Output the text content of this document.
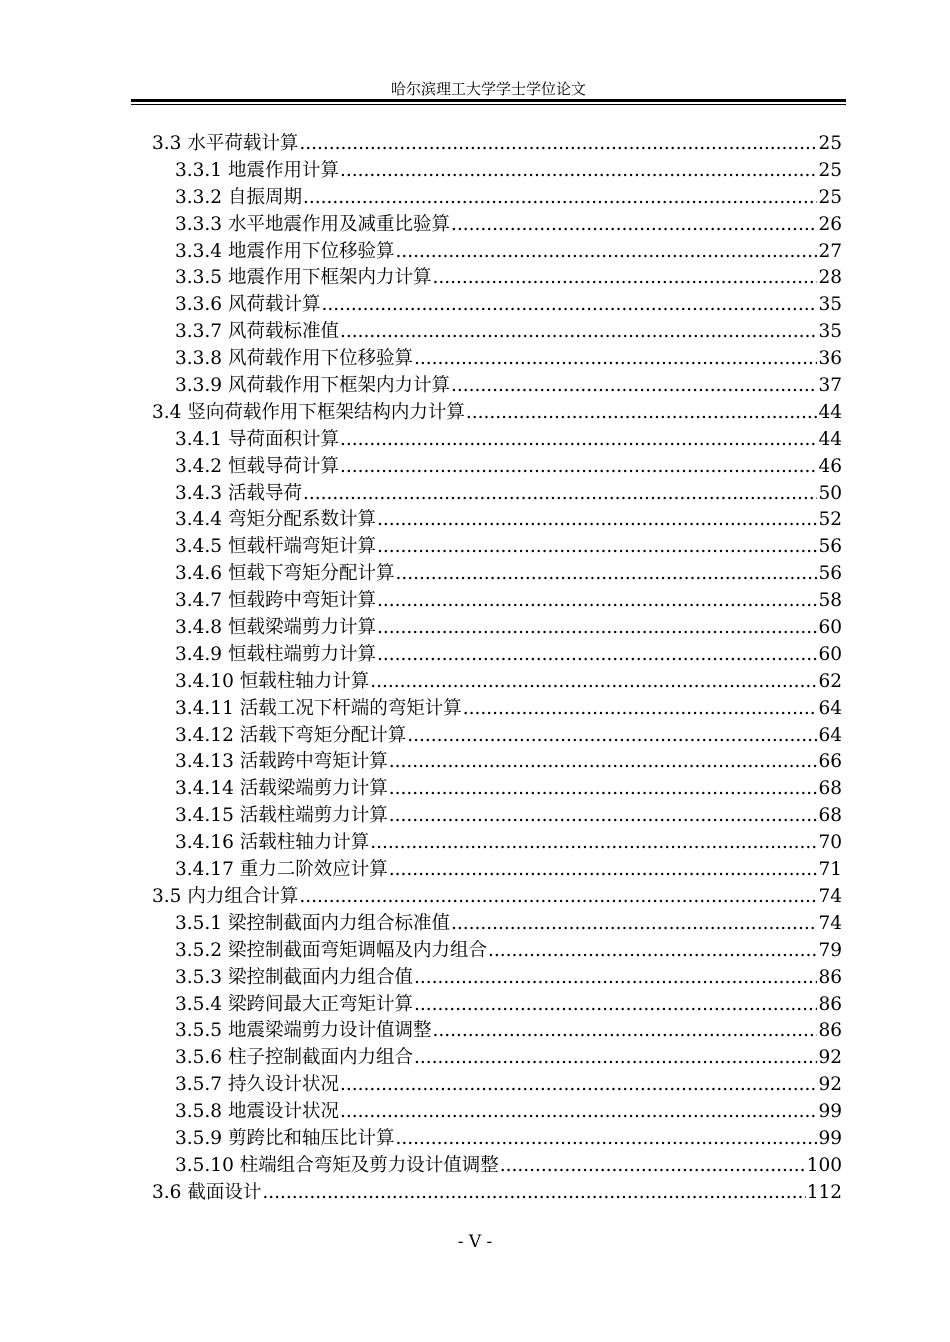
哈尔滨理工大学学士学位论文
3.3 水平荷载计算 .....	25
3.3.1 地震作用计算 .....	25
3.3.2 自振周期 .....	25
3.3.3 水平地震作用及减重比验算 .....	26
3.3.4 地震作用下位移验算 .....	27
3.3.5 地震作用下框架内力计算 .....	28
3.3.6 风荷载计算 .....	35
3.3.7 风荷载标准值 .....	35
3.3.8 风荷载作用下位移验算 .....	36
3.3.9 风荷载作用下框架内力计算 .....	37
3.4 竖向荷载作用下框架结构内力计算 .....	44
3.4.1 导荷面积计算 .....	44
3.4.2 恒载导荷计算 .....	46
3.4.3 活载导荷 .....	50
3.4.4 弯矩分配系数计算 .....	52
3.4.5 恒载杆端弯矩计算 .....	56
3.4.6 恒载下弯矩分配计算 .....	56
3.4.7 恒载跨中弯矩计算 .....	58
3.4.8 恒载梁端剪力计算 .....	60
3.4.9 恒载柱端剪力计算 .....	60
3.4.10 恒载柱轴力计算 .....	62
3.4.11 活载工况下杆端的弯矩计算 .....	64
3.4.12 活载下弯矩分配计算 .....	64
3.4.13 活载跨中弯矩计算 .....	66
3.4.14 活载梁端剪力计算 .....	68
3.4.15 活载柱端剪力计算 .....	68
3.4.16 活载柱轴力计算 .....	70
3.4.17 重力二阶效应计算 .....	71
3.5 内力组合计算 .....	74
3.5.1 梁控制截面内力组合标准值 .....	74
3.5.2 梁控制截面弯矩调幅及内力组合 .....	79
3.5.3 梁控制截面内力组合值 .....	86
3.5.4 梁跨间最大正弯矩计算 .....	86
3.5.5 地震梁端剪力设计值调整 .....	86
3.5.6 柱子控制截面内力组合 .....	92
3.5.7 持久设计状况 .....	92
3.5.8 地震设计状况 .....	99
3.5.9 剪跨比和轴压比计算 .....	99
3.5.10 柱端组合弯矩及剪力设计值调整 .....	100
3.6 截面设计 .....	112
- V -
